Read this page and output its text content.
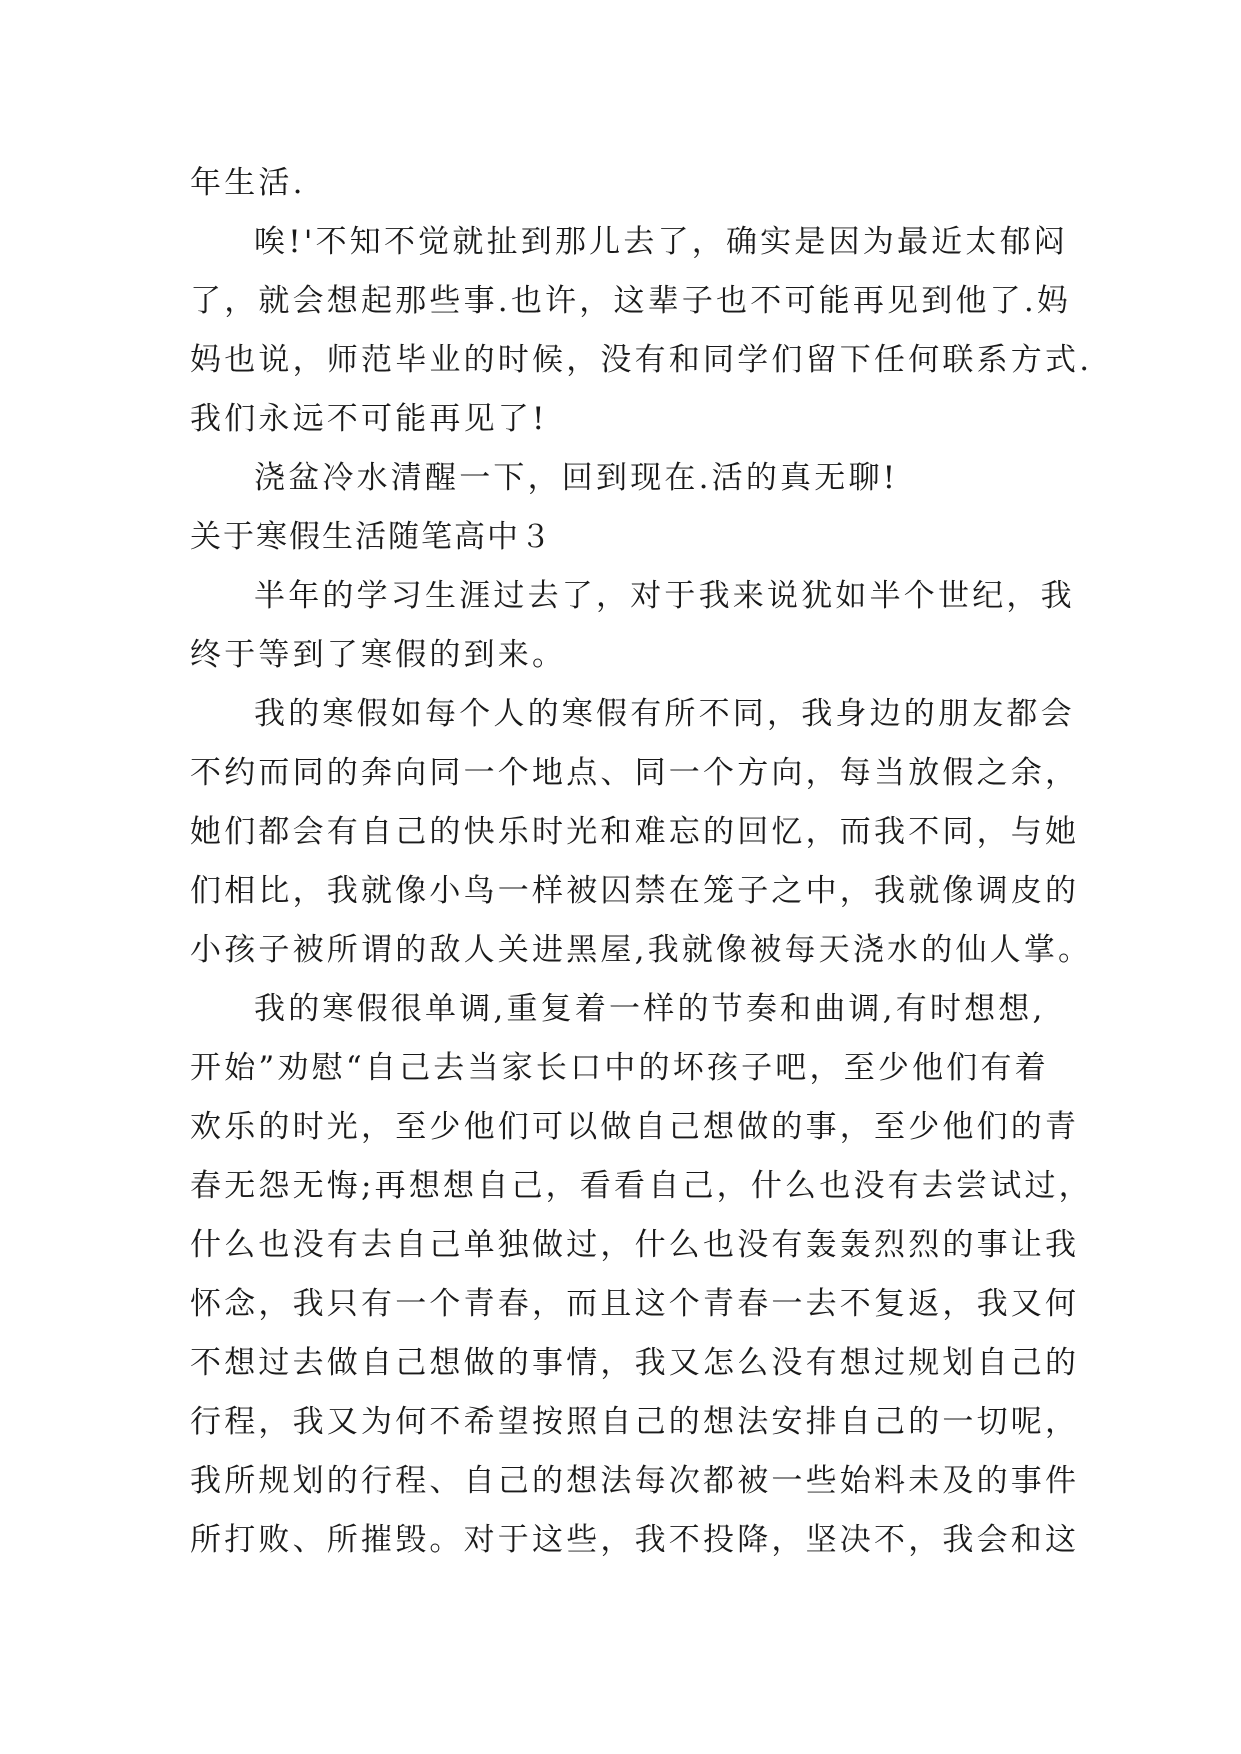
年生活.
唉!'不知不觉就扯到那儿去了，确实是因为最近太郁闷
了，就会想起那些事.也许，这辈子也不可能再见到他了.妈
妈也说，师范毕业的时候，没有和同学们留下任何联系方式.
我们永远不可能再见了!
浇盆冷水清醒一下，回到现在.活的真无聊!
关于寒假生活随笔高中３
半年的学习生涯过去了，对于我来说犹如半个世纪，我
终于等到了寒假的到来。
我的寒假如每个人的寒假有所不同，我身边的朋友都会
不约而同的奔向同一个地点、同一个方向，每当放假之余，
她们都会有自己的快乐时光和难忘的回忆，而我不同，与她
们相比，我就像小鸟一样被囚禁在笼子之中，我就像调皮的
小孩子被所谓的敌人关进黑屋,我就像被每天浇水的仙人掌。
我的寒假很单调,重复着一样的节奏和曲调,有时想想,
开始”劝慰“自己去当家长口中的坏孩子吧，至少他们有着
欢乐的时光，至少他们可以做自己想做的事，至少他们的青
春无怨无悔;再想想自己，看看自己，什么也没有去尝试过，
什么也没有去自己单独做过，什么也没有轰轰烈烈的事让我
怀念，我只有一个青春，而且这个青春一去不复返，我又何
不想过去做自己想做的事情，我又怎么没有想过规划自己的
行程，我又为何不希望按照自己的想法安排自己的一切呢，
我所规划的行程、自己的想法每次都被一些始料未及的事件
所打败、所摧毁。对于这些，我不投降，坚决不，我会和这
